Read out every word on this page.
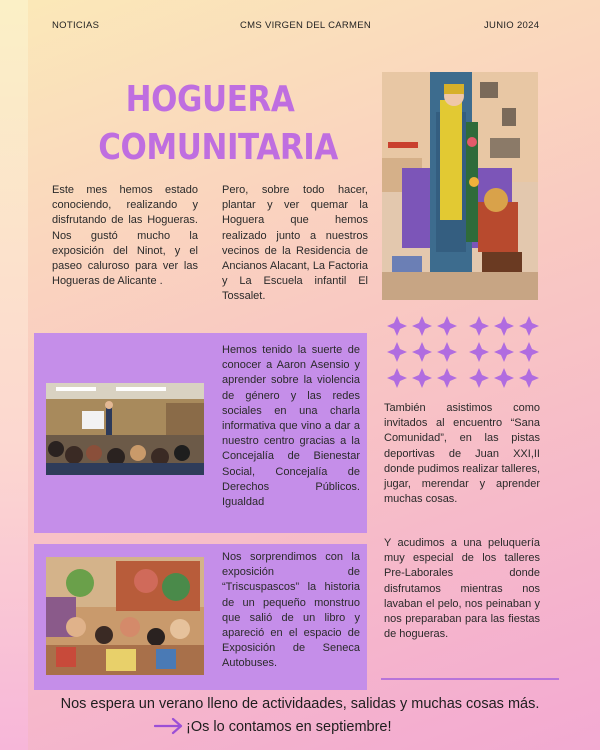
NOTICIAS	CMS VIRGEN DEL CARMEN	JUNIO 2024
HOGUERA
COMUNITARIA
Este mes hemos estado conociendo, realizando y disfrutando de las Hogueras. Nos gustó mucho la exposición del Ninot, y el paseo caluroso para ver las Hogueras de Alicante .
Pero, sobre todo hacer, plantar y ver quemar la Hoguera que hemos realizado junto a nuestros vecinos de la Residencia de Ancianos Alacant, La Factoria y La Escuela infantil El Tossalet.
Hemos tenido la suerte de conocer a Aaron Asensio y aprender sobre la violencia de género y las redes sociales en una charla informativa que vino a dar a nuestro centro gracias a la Concejalía de Bienestar Social, Concejalía de Derechos Públicos. Igualdad
Nos sorprendimos con la exposición de “Triscuspascos” la historia de un pequeño monstruo que salió de un libro y apareció en el espacio de Exposición de Seneca Autobuses.
También asistimos como invitados al encuentro “Sana Comunidad”, en las pistas deportivas de Juan XXI,II donde pudimos realizar talleres, jugar, merendar y aprender muchas cosas.
Y acudimos a una peluquería muy especial de los talleres Pre-Laborales donde disfrutamos mientras nos lavaban el pelo, nos peinaban y nos preparaban para las fiestas de hogueras.
Nos espera un verano lleno de actividaades, salidas y muchas cosas más.
¡Os lo contamos en septiembre!
